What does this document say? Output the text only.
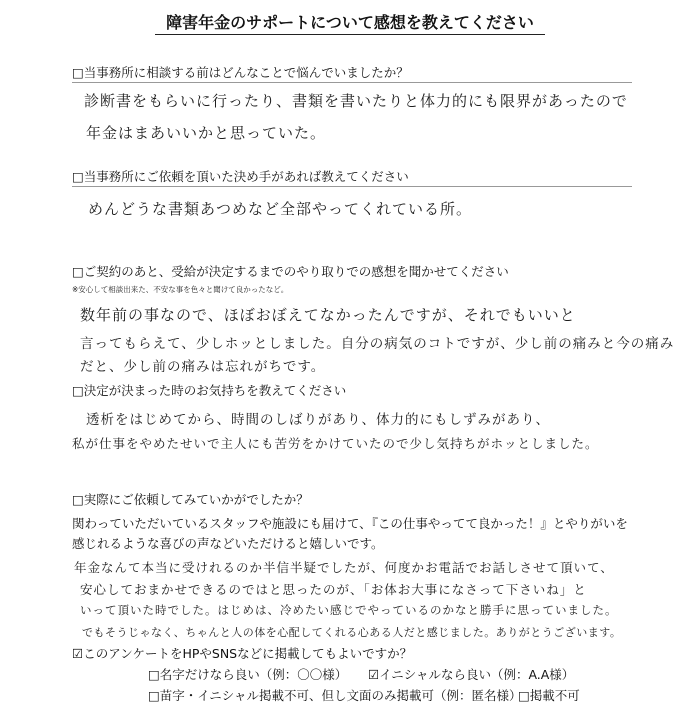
障害年金のサポートについて感想を教えてください
□当事務所に相談する前はどんなことで悩んでいましたか？
診断書をもらいに行ったり、書類を書いたりと体力的にも限界があったので
年金はまあいいかと思っていた。
□当事務所にご依頼を頂いた決め手があれば教えてください
めんどうな書類あつめなど全部やってくれている所。
□ご契約のあと、受給が決定するまでのやり取りでの感想を聞かせてください
※安心して相談出来た、不安な事を色々と聞けて良かったなど。
数年前の事なので、ほぼおぼえてなかったんですが、それでもいいと
言ってもらえて、少しホッとしました。自分の病気のコトですが、少し前の痛みと今の痛み
だと、少し前の痛みは忘れがちです。
□決定が決まった時のお気持ちを教えてください
透析をはじめてから、時間のしばりがあり、体力的にもしずみがあり、
私が仕事をやめたせいで主人にも苦労をかけていたので少し気持ちがホッとしました。
□実際にご依頼してみていかがでしたか？
関わっていただいているスタッフや施設にも届けて、『この仕事やってて良かった！』とやりがいを
感じれるような喜びの声などいただけると嬉しいです。
年金なんて本当に受けれるのか半信半疑でしたが、何度かお電話でお話しさせて頂いて、
安心しておまかせできるのではと思ったのが、「お体お大事になさって下さいね」と
いって頂いた時でした。はじめは、冷めたい感じでやっているのかなと勝手に思っていました。
でもそうじゃなく、ちゃんと人の体を心配してくれる心ある人だと感じました。ありがとうございます。
☑このアンケートをHPやSNSなどに掲載してもよいですか？
□名字だけなら良い（例：〇〇様） ☑イニシャルなら良い（例：A.A様）
□苗字・イニシャル掲載不可、但し文面のみ掲載可（例：匿名様）
□掲載不可
